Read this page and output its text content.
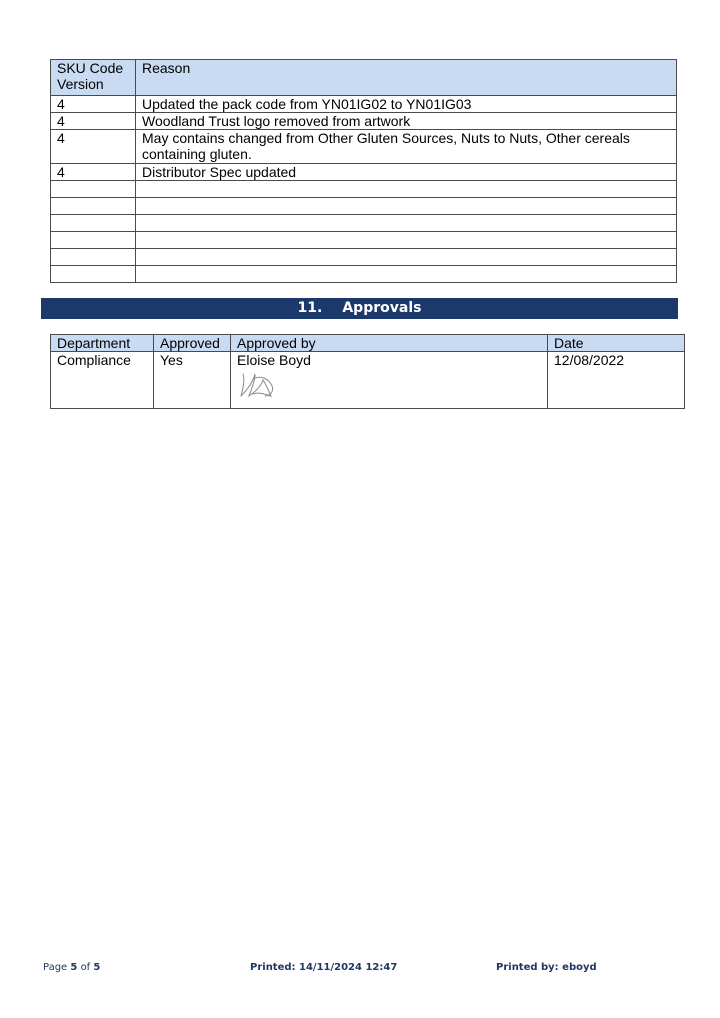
SKU Code Version	Reason
4	Updated the pack code from YN01IG02 to YN01IG03
4	Woodland Trust logo removed from artwork
4	May contains changed from Other Gluten Sources, Nuts to Nuts, Other cereals containing gluten.
4	Distributor Spec updated

11. Approvals
Department	Approved	Approved by	Date
Compliance	Yes	Eloise Boyd	12/08/2022
Page 5 of 5	Printed: 14/11/2024 12:47	Printed by: eboyd
